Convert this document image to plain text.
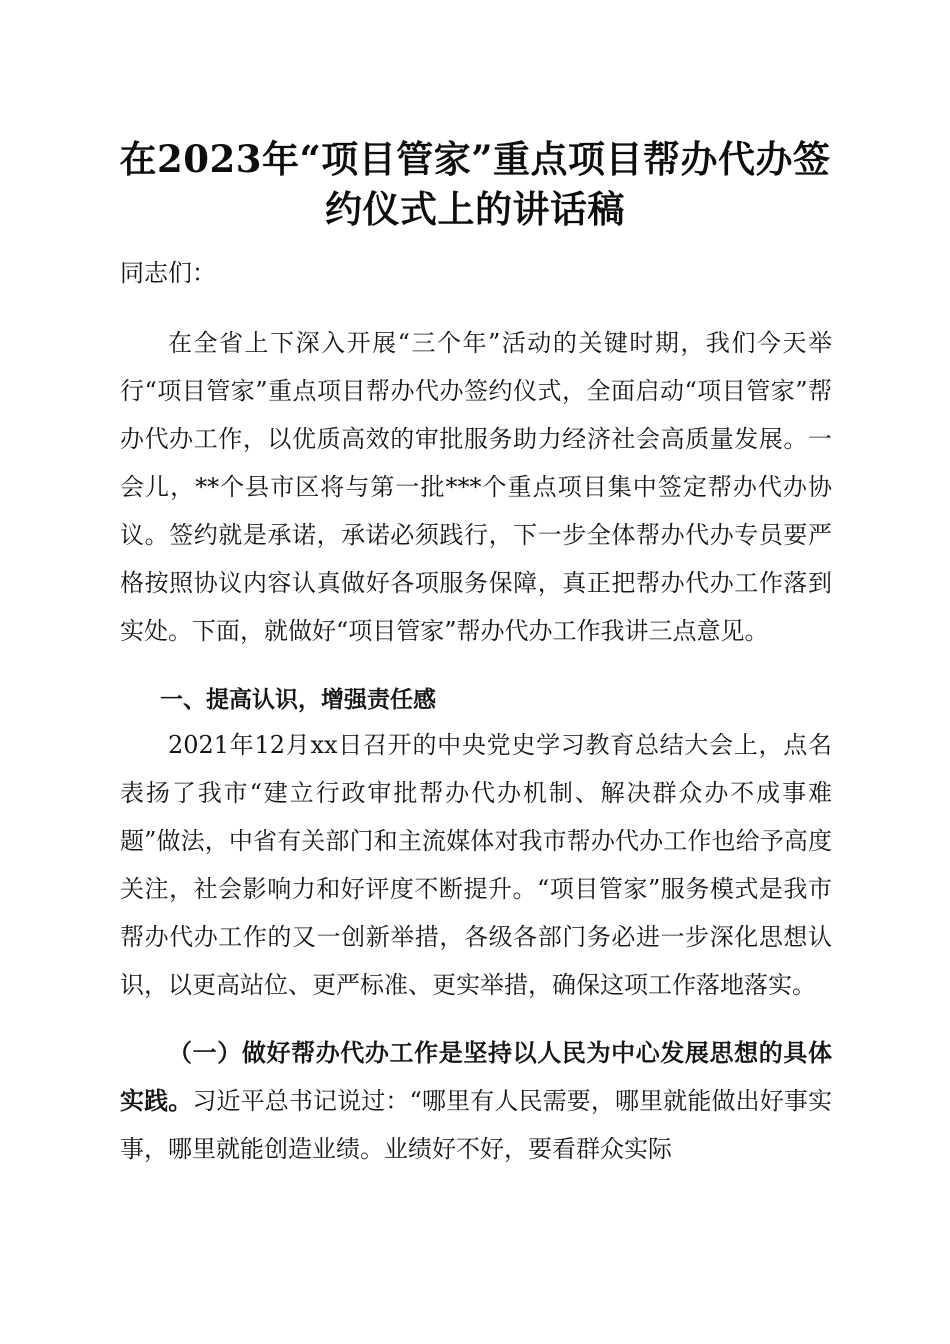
在2023年“项目管家”重点项目帮办代办签
约仪式上的讲话稿
同志们：

在全省上下深入开展“三个年”活动的关键时期，我们今天举行“项目管家”重点项目帮办代办签约仪式，全面启动“项目管家”帮办代办工作，以优质高效的审批服务助力经济社会高质量发展。一会儿，**个县市区将与第一批***个重点项目集中签定帮办代办协议。签约就是承诺，承诺必须践行，下一步全体帮办代办专员要严格按照协议内容认真做好各项服务保障，真正把帮办代办工作落到实处。下面，就做好“项目管家”帮办代办工作我讲三点意见。

一、提高认识，增强责任感

2021年12月xx日召开的中央党史学习教育总结大会上，点名表扬了我市“建立行政审批帮办代办机制、解决群众办不成事难题”做法，中省有关部门和主流媒体对我市帮办代办工作也给予高度关注，社会影响力和好评度不断提升。“项目管家”服务模式是我市帮办代办工作的又一创新举措，各级各部门务必进一步深化思想认识，以更高站位、更严标准、更实举措，确保这项工作落地落实。

（一）做好帮办代办工作是坚持以人民为中心发展思想的具体实践。习近平总书记说过：“哪里有人民需要，哪里就能做出好事实事，哪里就能创造业绩。业绩好不好，要看群众实际
